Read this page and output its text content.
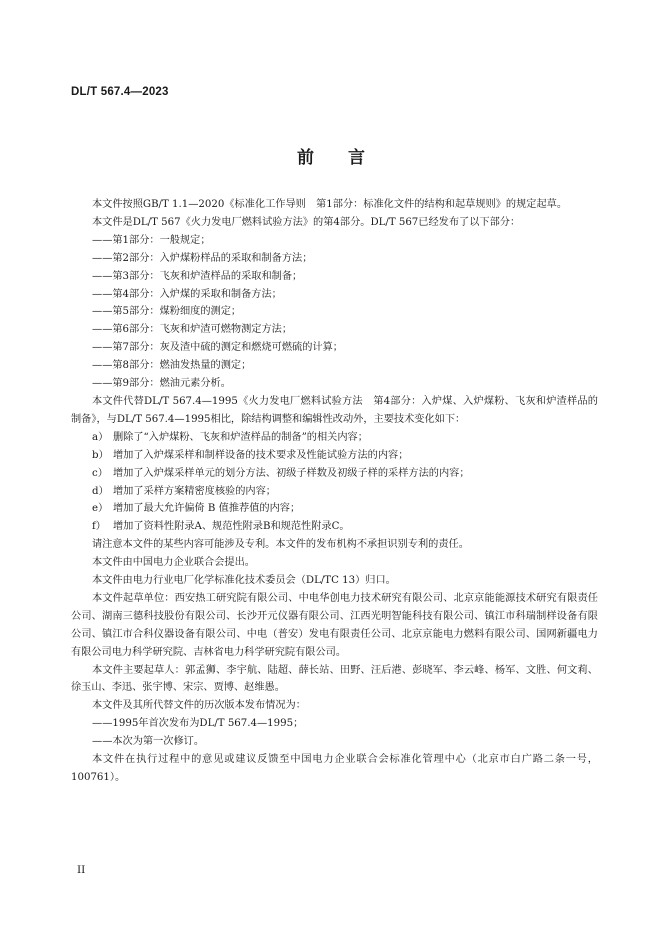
DL/T 567.4—2023
前言

本文件按照GB/T 1.1—2020《标准化工作导则　第1部分：标准化文件的结构和起草规则》的规定起草。

本文件是DL/T 567《火力发电厂燃料试验方法》的第4部分。DL/T 567已经发布了以下部分：

——第1部分：一般规定；

——第2部分：入炉煤粉样品的采取和制备方法；

——第3部分：飞灰和炉渣样品的采取和制备；

——第4部分：入炉煤的采取和制备方法；

——第5部分：煤粉细度的测定；

——第6部分：飞灰和炉渣可燃物测定方法；

——第7部分：灰及渣中硫的测定和燃烧可燃硫的计算；

——第8部分：燃油发热量的测定；

——第9部分：燃油元素分析。

本文件代替DL/T 567.4—1995《火力发电厂燃料试验方法　第4部分：入炉煤、入炉煤粉、飞灰和炉渣样品的制备》，与DL/T 567.4—1995相比，除结构调整和编辑性改动外，主要技术变化如下：

a） 删除了“入炉煤粉、飞灰和炉渣样品的制备”的相关内容；

b） 增加了入炉煤采样和制样设备的技术要求及性能试验方法的内容；

c） 增加了入炉煤采样单元的划分方法、初级子样数及初级子样的采样方法的内容；

d） 增加了采样方案精密度核验的内容；

e） 增加了最大允许偏倚 B 值推荐值的内容；

f） 增加了资料性附录A、规范性附录B和规范性附录C。

请注意本文件的某些内容可能涉及专利。本文件的发布机构不承担识别专利的责任。

本文件由中国电力企业联合会提出。

本文件由电力行业电厂化学标准化技术委员会（DL/TC 13）归口。

本文件起草单位：西安热工研究院有限公司、中电华创电力技术研究有限公司、北京京能能源技术研究有限责任公司、湖南三德科技股份有限公司、长沙开元仪器有限公司、江西光明智能科技有限公司、镇江市科瑞制样设备有限公司、镇江市合科仪器设备有限公司、中电（普安）发电有限责任公司、北京京能电力燃料有限公司、国网新疆电力有限公司电力科学研究院、吉林省电力科学研究院有限公司。

本文件主要起草人：郭孟狮、李宇航、陆超、薛长站、田野、汪后港、彭晓军、李云峰、杨军、文胜、何文莉、徐玉山、李迅、张宇博、宋宗、贾博、赵维愚。

本文件及其所代替文件的历次版本发布情况为：

——1995年首次发布为DL/T 567.4—1995；

——本次为第一次修订。

本文件在执行过程中的意见或建议反馈至中国电力企业联合会标准化管理中心（北京市白广路二条一号，100761）。

II
